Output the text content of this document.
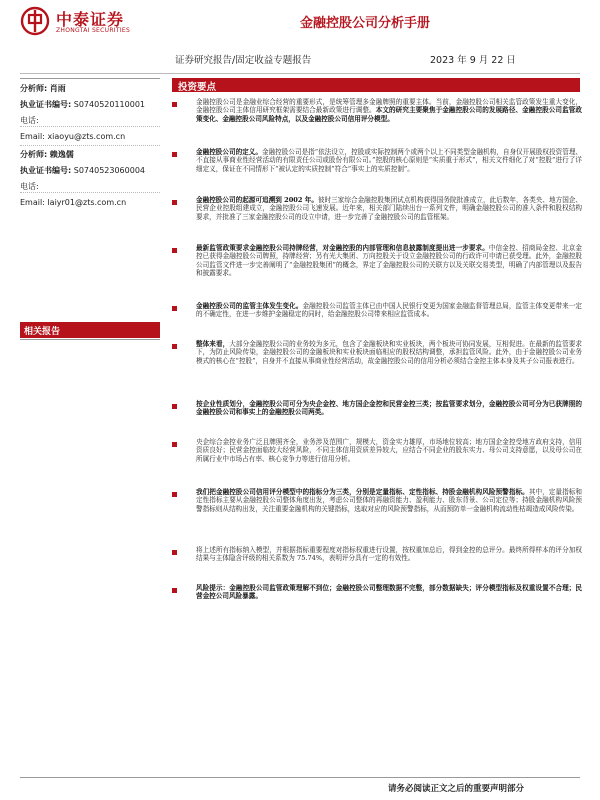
中泰证券
ZHONGTAI SECURITIES	金融控股公司分析手册
证券研究报告/固定收益专题报告	2023 年 9 月 22 日
分析师: 肖雨
执业证书编号: S0740520110001
电话:
Email: xiaoyu@zts.com.cn
分析师: 赖逸儒
执业证书编号: S0740523060004
电话:
Email: laiyr01@zts.com.cn
相关报告
投资要点
金融控股公司是金融业综合经营的重要形式，是统筹管理多金融牌照的重要主体。当前，金融控股公司相关监管政策发生重大变化，金融控股公司主体信用研究框架需要结合最新政策进行调整。本文的研究主要聚焦于金融控股公司的发展路径、金融控股公司监管政策变化、金融控股公司风险特点，以及金融控股公司信用评分模型。
金融控股公司的定义。金融控股公司是指“依法设立，控股或实际控制两个或两个以上不同类型金融机构，自身仅开展股权投资管理、不直接从事商业性经营活动的有限责任公司或股份有限公司。”控股的核心原则是“实质重于形式”，相关文件细化了对“控股”进行了详细定义，保证在不同情形下“被认定的实质控制”符合“事实上的实质控制”。
金融控股公司的起源可追溯到 2002 年。彼时三家综合金融控股集团试点机构获得国务院批准成立，此后数年，各类央、地方国企、民营企业控股组建成立，金融控股公司飞速发展。近年来，相关部门陆续出台一系列文件，明确金融控股公司的准入条件和股权结构要求，并批准了三家金融控股公司的设立申请，进一步完善了金融控股公司的监管框架。
最新监管政策要求金融控股公司持牌经营，对金融控股的内部管理和信息披露制度提出进一步要求。中信金控、招商局金控、北京金控已获得金融控股公司牌照，持牌经营；另有光大集团、万向控股关于设立金融控股公司的行政许可申请已获受理。此外，金融控股公司监管文件进一步完善阐明了“金融控股集团”的概念，界定了金融控股公司的关联方以及关联交易类型，明确了内部管理以及报告和披露要求。
金融控股公司的监管主体发生变化。金融控股公司监管主体已由中国人民银行变更为国家金融监督管理总局，监管主体变更带来一定的不确定性，在进一步维护金融稳定的同时，给金融控股公司带来相应监管成本。
整体来看，大部分金融控股公司的业务较为多元，包含了金融板块和实业板块，两个板块可协同发展，互相促进。在最新的监管要求下，为防止风险传染，金融控股公司的金融板块和实业板块面临相应的股权结构调整，承担监管风险。此外，由于金融控股公司业务模式的核心在“控股”，自身并不直接从事商业性经营活动，故金融控股公司的信用分析必须结合金控主体本身及其子公司报表进行。
按企业性质划分，金融控股公司可分为央企金控、地方国企金控和民营金控三类；按监管要求划分，金融控股公司可分为已获牌照的金融控股公司和事实上的金融控股公司两类。
央企综合金控业务广泛且牌照齐全，业务涉及范围广，规模大，资金实力雄厚，市场地位较高；地方国企金控受地方政府支持，信用资质良好；民营金控面临较大经营风险，不同主体信用资质差异较大，应结合不同企业的股东实力、母公司支持意愿，以及母公司在所属行业中市场占有率、核心竞争力等进行信用分析。
我们把金融控股公司信用评分模型中的指标分为三类，分别是定量指标、定性指标、持股金融机构风险预警指标。其中，定量指标和定性指标主要从金融控股公司整体角度出发，考虑公司整体的再融资能力、盈利能力、股东背景、公司定位等；持股金融机构风险预警指标则从结构出发，关注重要金融机构的关键指标，选取对应的风险预警指标，从而预防单一金融机构流动性枯竭造成风险传染。
将上述所有指标纳入模型，并根据指标重要程度对指标权重进行设置，按权重加总后，得到金控的总评分。最终所得样本的评分加权结果与主体隐含评级的相关系数为 75.74%，表明评分具有一定的有效性。
风险提示：金融控股公司监管政策理解不到位；金融控股公司整理数据不完整，部分数据缺失；评分模型指标及权重设置不合理；民营金控公司风险暴露。
请务必阅读正文之后的重要声明部分
